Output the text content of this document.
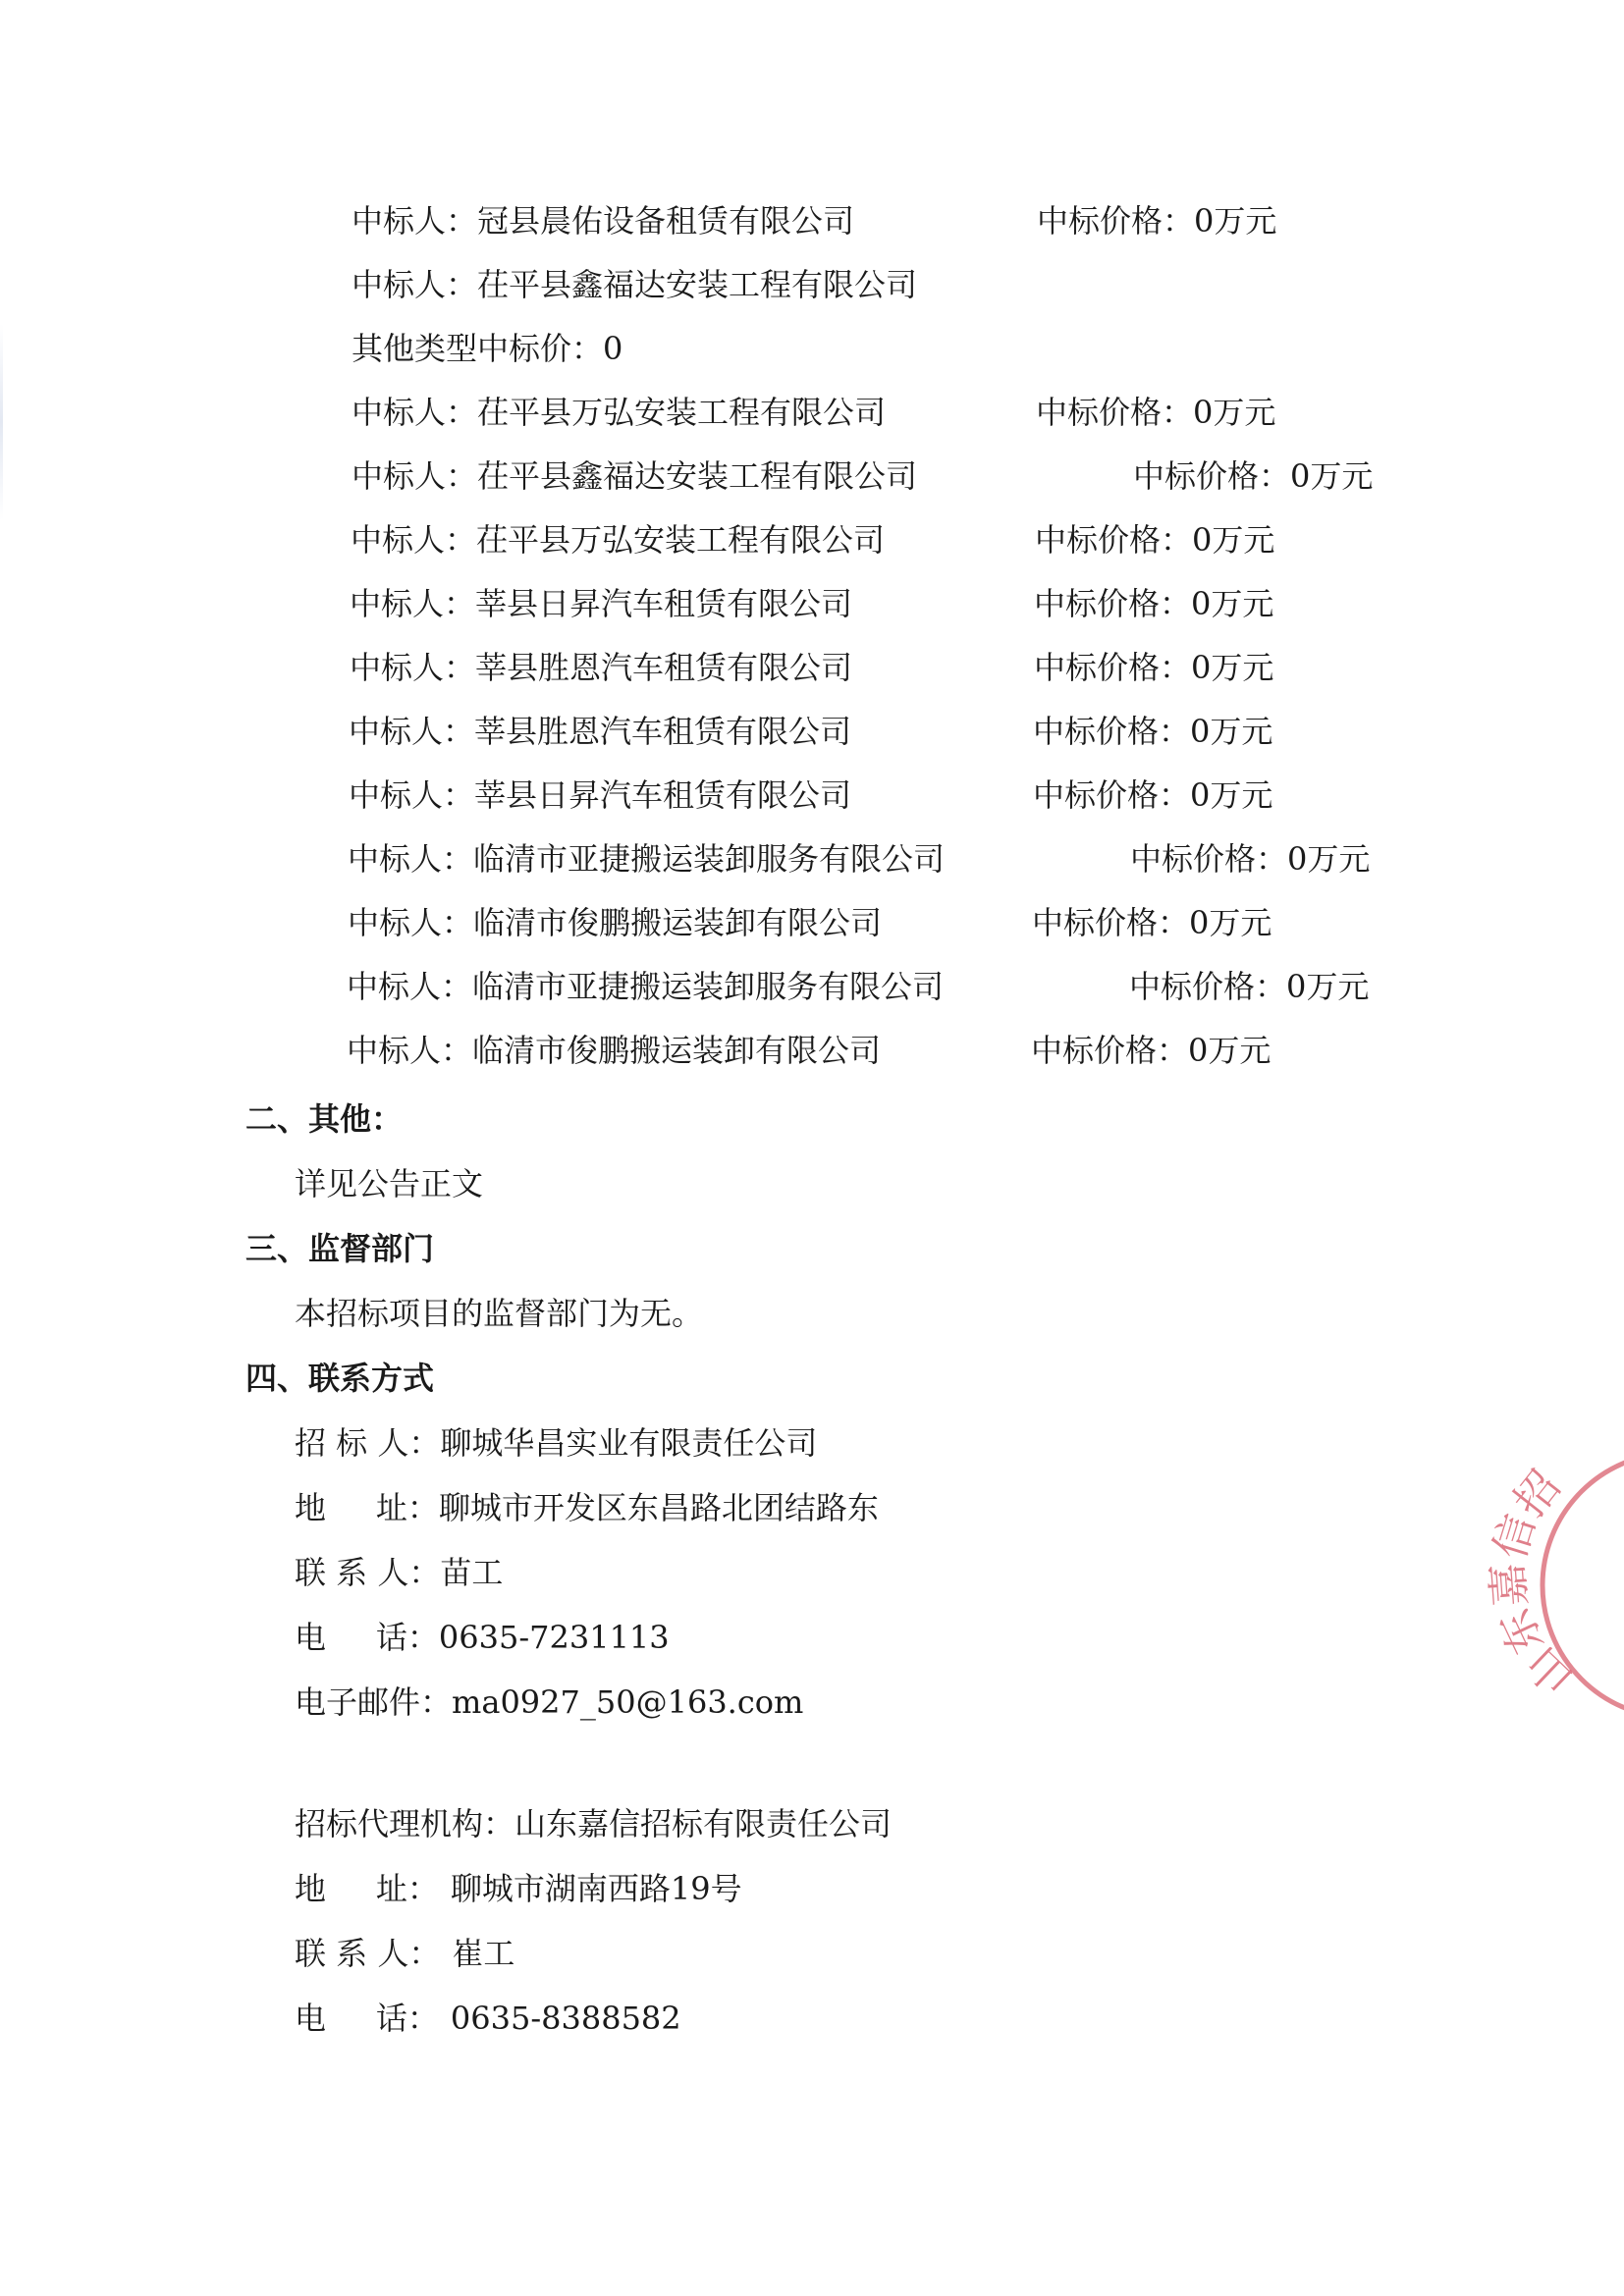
中标人：冠县晨佑设备租赁有限公司	中标价格：0万元
中标人：茌平县鑫福达安装工程有限公司
其他类型中标价：0
中标人：茌平县万弘安装工程有限公司	中标价格：0万元
中标人：茌平县鑫福达安装工程有限公司	中标价格：0万元
中标人：茌平县万弘安装工程有限公司	中标价格：0万元
中标人：莘县日昇汽车租赁有限公司	中标价格：0万元
中标人：莘县胜恩汽车租赁有限公司	中标价格：0万元
中标人：莘县胜恩汽车租赁有限公司	中标价格：0万元
中标人：莘县日昇汽车租赁有限公司	中标价格：0万元
中标人：临清市亚捷搬运装卸服务有限公司	中标价格：0万元
中标人：临清市俊鹏搬运装卸有限公司	中标价格：0万元
中标人：临清市亚捷搬运装卸服务有限公司	中标价格：0万元
中标人：临清市俊鹏搬运装卸有限公司	中标价格：0万元
二、其他：
详见公告正文
三、监督部门
本招标项目的监督部门为无。
四、联系方式
招 标 人：聊城华昌实业有限责任公司
地     址：聊城市开发区东昌路北团结路东
联 系 人：苗工
电     话：0635-7231113
电子邮件：ma0927_50@163.com
招标代理机构：山东嘉信招标有限责任公司
地     址： 聊城市湖南西路19号
联 系 人： 崔工
电     话： 0635-8388582
山东嘉信招
